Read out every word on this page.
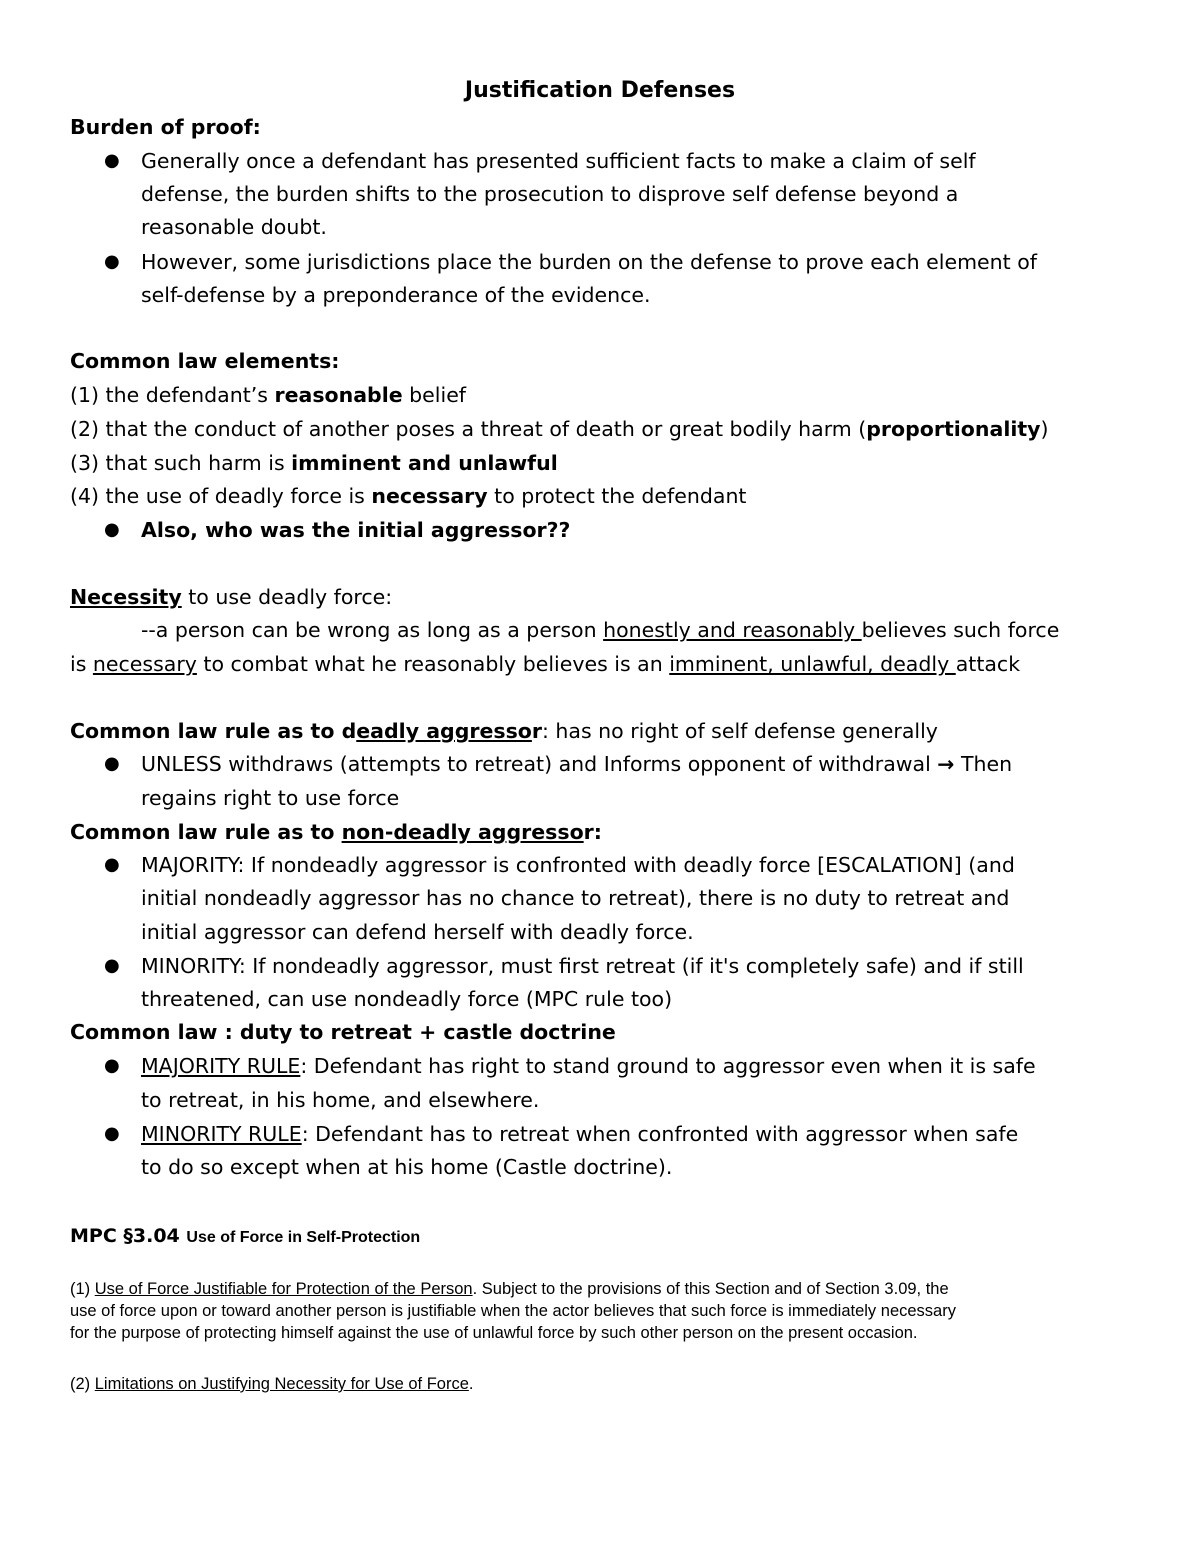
Justification Defenses
Burden of proof:
● Generally once a defendant has presented sufficient facts to make a claim of self
defense, the burden shifts to the prosecution to disprove self defense beyond a
reasonable doubt.
● However, some jurisdictions place the burden on the defense to prove each element of
self-defense by a preponderance of the evidence.
Common law elements:
(1) the defendant’s reasonable belief
(2) that the conduct of another poses a threat of death or great bodily harm (proportionality)
(3) that such harm is imminent and unlawful
(4) the use of deadly force is necessary to protect the defendant
● Also, who was the initial aggressor??
Necessity to use deadly force:
--a person can be wrong as long as a person honestly and reasonably believes such force
is necessary to combat what he reasonably believes is an imminent, unlawful, deadly attack
Common law rule as to deadly aggressor: has no right of self defense generally
● UNLESS withdraws (attempts to retreat) and Informs opponent of withdrawal → Then
regains right to use force
Common law rule as to non-deadly aggressor:
● MAJORITY: If nondeadly aggressor is confronted with deadly force [ESCALATION] (and
initial nondeadly aggressor has no chance to retreat), there is no duty to retreat and
initial aggressor can defend herself with deadly force.
● MINORITY: If nondeadly aggressor, must first retreat (if it's completely safe) and if still
threatened, can use nondeadly force (MPC rule too)
Common law : duty to retreat + castle doctrine
● MAJORITY RULE: Defendant has right to stand ground to aggressor even when it is safe
to retreat, in his home, and elsewhere.
● MINORITY RULE: Defendant has to retreat when confronted with aggressor when safe
to do so except when at his home (Castle doctrine).
MPC §3.04 Use of Force in Self-Protection
(1) Use of Force Justifiable for Protection of the Person. Subject to the provisions of this Section and of Section 3.09, the
use of force upon or toward another person is justifiable when the actor believes that such force is immediately necessary
for the purpose of protecting himself against the use of unlawful force by such other person on the present occasion.
(2) Limitations on Justifying Necessity for Use of Force.
